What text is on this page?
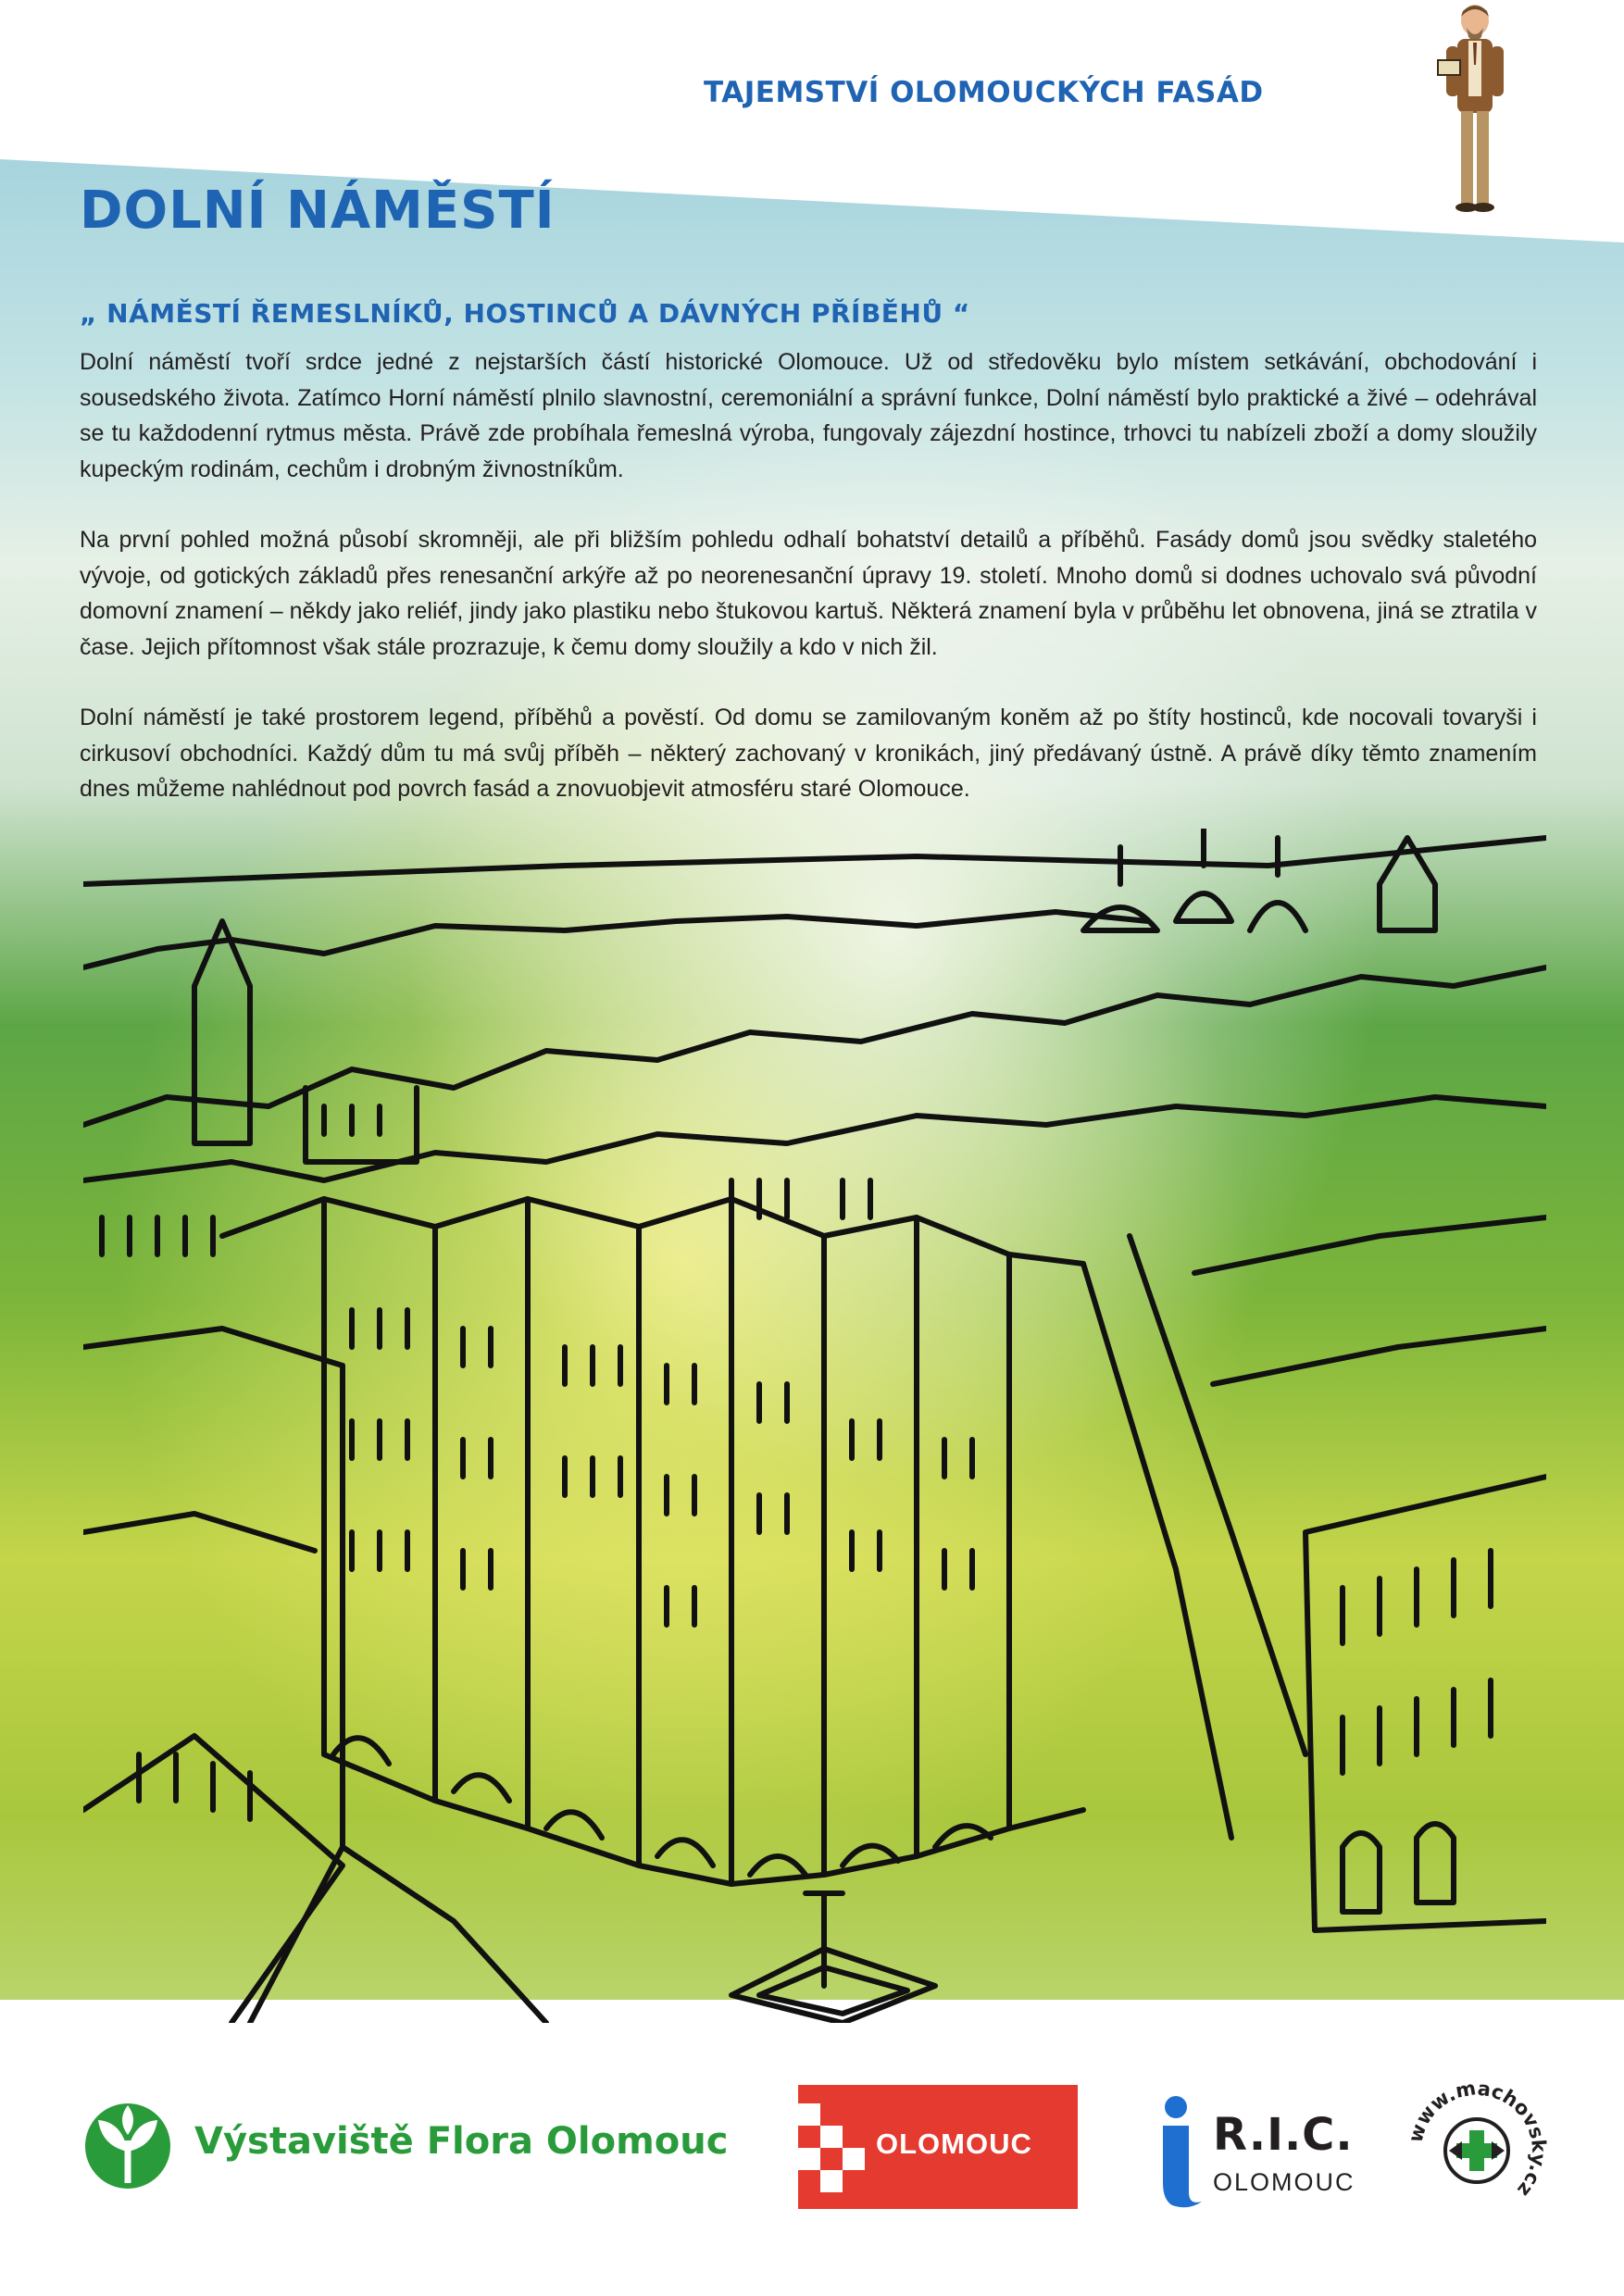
TAJEMSTVÍ OLOMOUCKÝCH FASÁD
DOLNÍ NÁMĚSTÍ
„ NÁMĚSTÍ ŘEMESLNÍKŮ, HOSTINCŮ A DÁVNÝCH PŘÍBĚHŮ “

Dolní náměstí tvoří srdce jedné z nejstarších částí historické Olomouce. Už od středověku bylo místem setkávání, obchodování i sousedského života. Zatímco Horní náměstí plnilo slavnostní, ceremoniální a správní funkce, Dolní náměstí bylo praktické a živé – odehrával se tu každodenní rytmus města. Právě zde probíhala řemeslná výroba, fungovaly zájezdní hostince, trhovci tu nabízeli zboží a domy sloužily kupeckým rodinám, cechům i drobným živnostníkům.

Na první pohled možná působí skromněji, ale při bližším pohledu odhalí bohatství detailů a příběhů. Fasády domů jsou svědky staletého vývoje, od gotických základů přes renesanční arkýře až po neorenesanční úpravy 19. století. Mnoho domů si dodnes uchovalo svá původní domovní znamení – někdy jako reliéf, jindy jako plastiku nebo štukovou kartuš. Některá znamení byla v průběhu let obnovena, jiná se ztratila v čase. Jejich přítomnost však stále prozrazuje, k čemu domy sloužily a kdo v nich žil.

Dolní náměstí je také prostorem legend, příběhů a pověstí. Od domu se zamilovaným koněm až po štíty hostinců, kde nocovali tovaryši i cirkusoví obchodníci. Každý dům tu má svůj příběh – některý zachovaný v kronikách, jiný předávaný ústně. A právě díky těmto znamením dnes můžeme nahlédnout pod povrch fasád a znovuobjevit atmosféru staré Olomouce.

Výstaviště Flora Olomouc	OLOMOUC	R.I.C.
OLOMOUC
www.machovsky.cz
